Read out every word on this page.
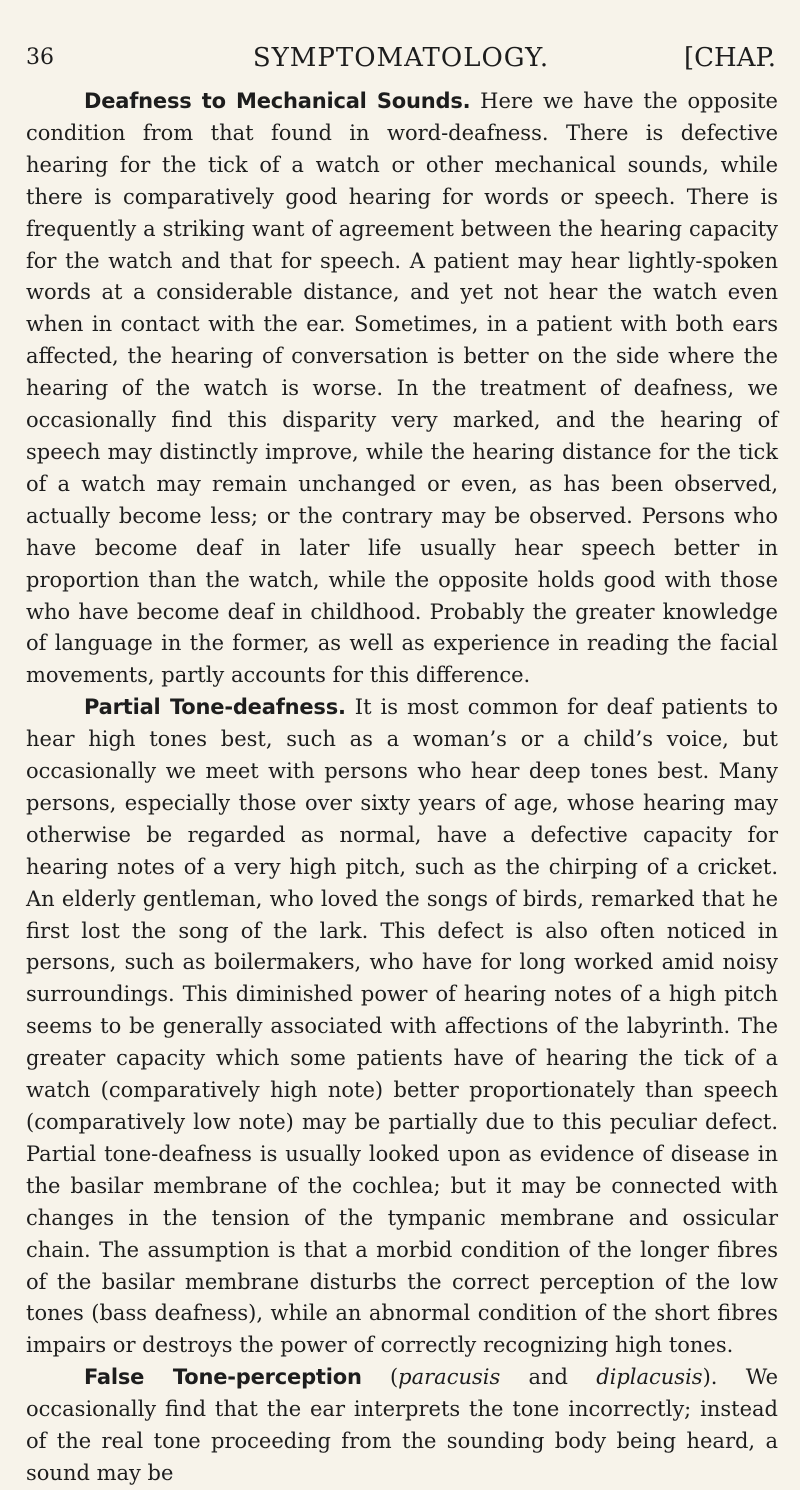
36	SYMPTOMATOLOGY.	[CHAP.

Deafness to Mechanical Sounds. Here we have the opposite condition from that found in word-deafness. There is defective hearing for the tick of a watch or other mechanical sounds, while there is comparatively good hearing for words or speech. There is frequently a striking want of agreement between the hearing capacity for the watch and that for speech. A patient may hear lightly-spoken words at a considerable distance, and yet not hear the watch even when in contact with the ear. Sometimes, in a patient with both ears affected, the hearing of conversation is better on the side where the hearing of the watch is worse. In the treatment of deafness, we occasionally find this disparity very marked, and the hearing of speech may distinctly improve, while the hearing distance for the tick of a watch may remain unchanged or even, as has been observed, actually become less; or the contrary may be observed. Persons who have become deaf in later life usually hear speech better in proportion than the watch, while the opposite holds good with those who have become deaf in childhood. Probably the greater knowledge of language in the former, as well as experience in reading the facial movements, partly accounts for this difference.

Partial Tone-deafness. It is most common for deaf patients to hear high tones best, such as a woman’s or a child’s voice, but occasionally we meet with persons who hear deep tones best. Many persons, especially those over sixty years of age, whose hearing may otherwise be regarded as normal, have a defective capacity for hearing notes of a very high pitch, such as the chirping of a cricket. An elderly gentleman, who loved the songs of birds, remarked that he first lost the song of the lark. This defect is also often noticed in persons, such as boilermakers, who have for long worked amid noisy surroundings. This diminished power of hearing notes of a high pitch seems to be generally associated with affections of the labyrinth. The greater capacity which some patients have of hearing the tick of a watch (comparatively high note) better proportionately than speech (comparatively low note) may be partially due to this peculiar defect. Partial tone-deafness is usually looked upon as evidence of disease in the basilar membrane of the cochlea; but it may be connected with changes in the tension of the tympanic membrane and ossicular chain. The assumption is that a morbid condition of the longer fibres of the basilar membrane disturbs the correct perception of the low tones (bass deafness), while an abnormal condition of the short fibres impairs or destroys the power of correctly recognizing high tones.

False Tone-perception (paracusis and diplacusis). We occasionally find that the ear interprets the tone incorrectly; instead of the real tone proceeding from the sounding body being heard, a sound may be
